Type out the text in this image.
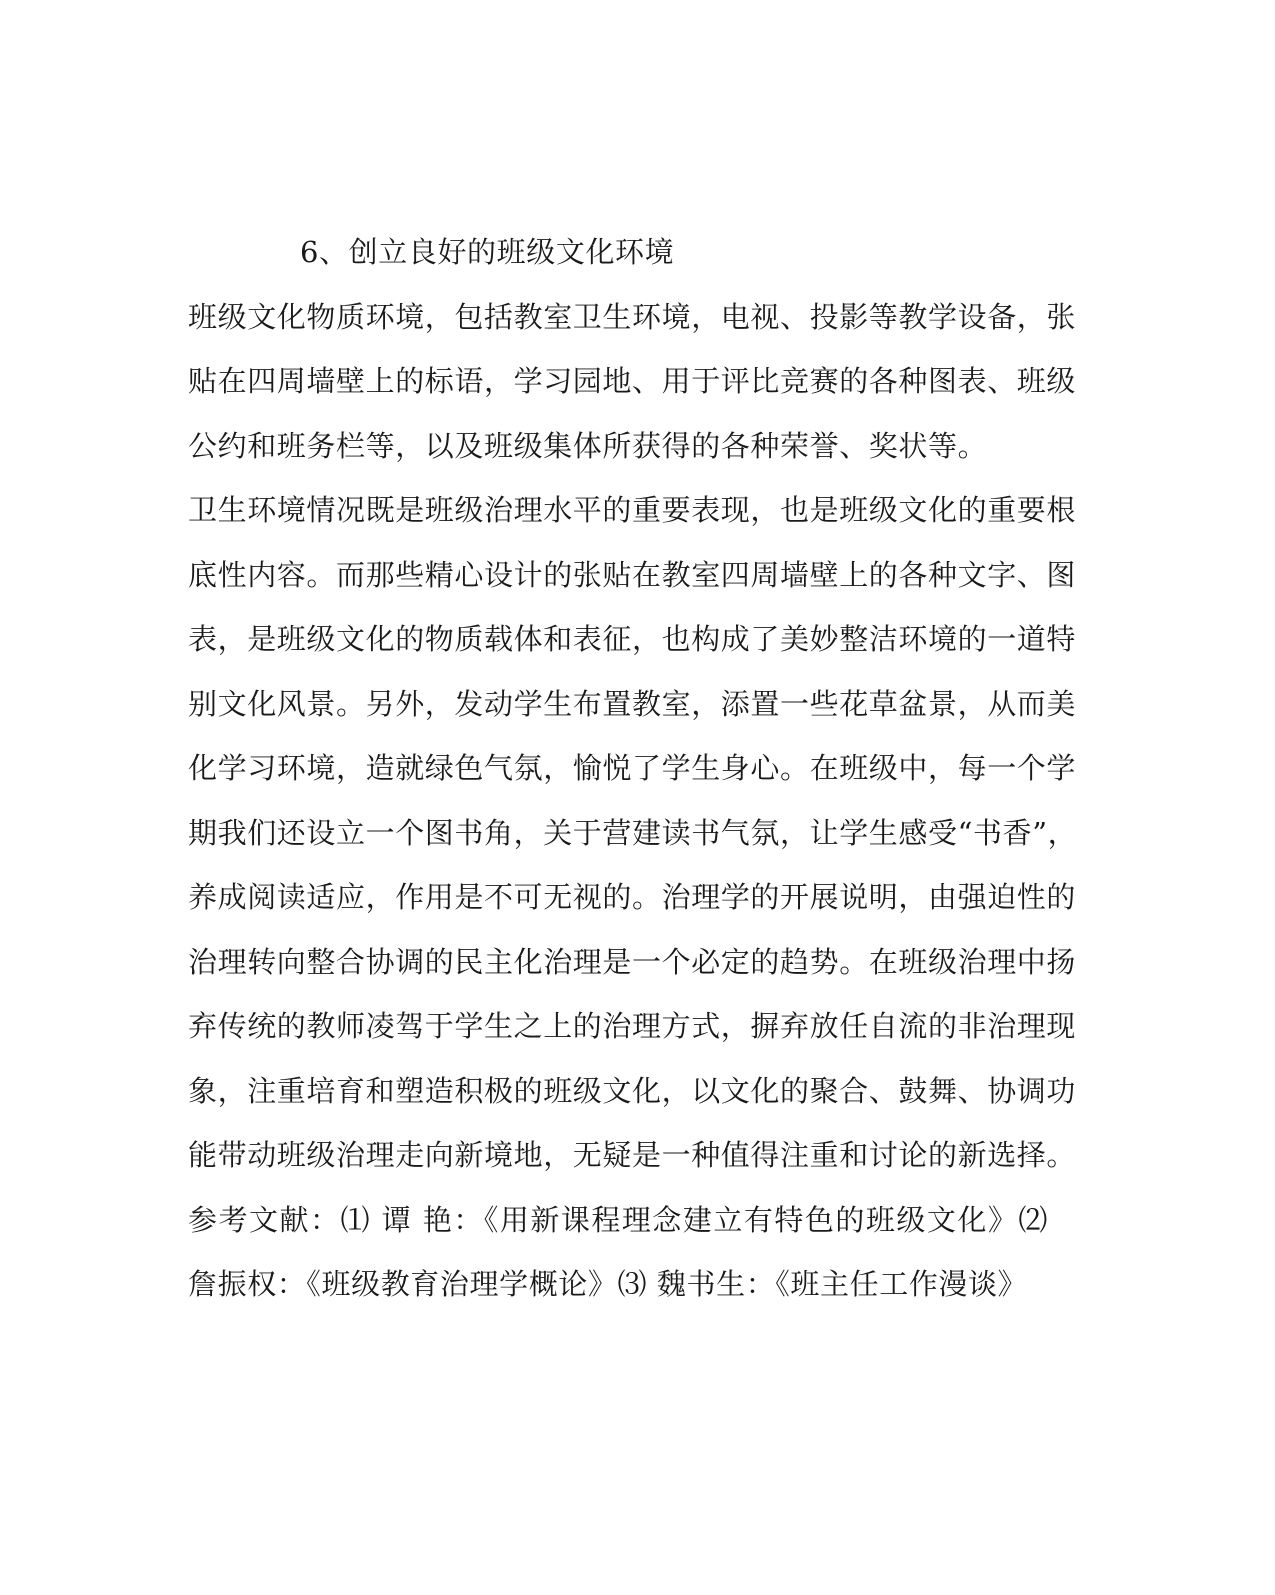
6、创立良好的班级文化环境
班级文化物质环境，包括教室卫生环境，电视、投影等教学设备，张
贴在四周墙壁上的标语，学习园地、用于评比竞赛的各种图表、班级
公约和班务栏等，以及班级集体所获得的各种荣誉、奖状等。
卫生环境情况既是班级治理水平的重要表现，也是班级文化的重要根
底性内容。而那些精心设计的张贴在教室四周墙壁上的各种文字、图
表，是班级文化的物质载体和表征，也构成了美妙整洁环境的一道特
别文化风景。另外，发动学生布置教室，添置一些花草盆景，从而美
化学习环境，造就绿色气氛，愉悦了学生身心。在班级中，每一个学
期我们还设立一个图书角，关于营建读书气氛，让学生感受“书香”，
养成阅读适应，作用是不可无视的。治理学的开展说明，由强迫性的
治理转向整合协调的民主化治理是一个必定的趋势。在班级治理中扬
弃传统的教师凌驾于学生之上的治理方式，摒弃放任自流的非治理现
象，注重培育和塑造积极的班级文化，以文化的聚合、鼓舞、协调功
能带动班级治理走向新境地，无疑是一种值得注重和讨论的新选择。
参考文献：⑴ 谭 艳：《用新课程理念建立有特色的班级文化》⑵
詹振权：《班级教育治理学概论》⑶ 魏书生：《班主任工作漫谈》
